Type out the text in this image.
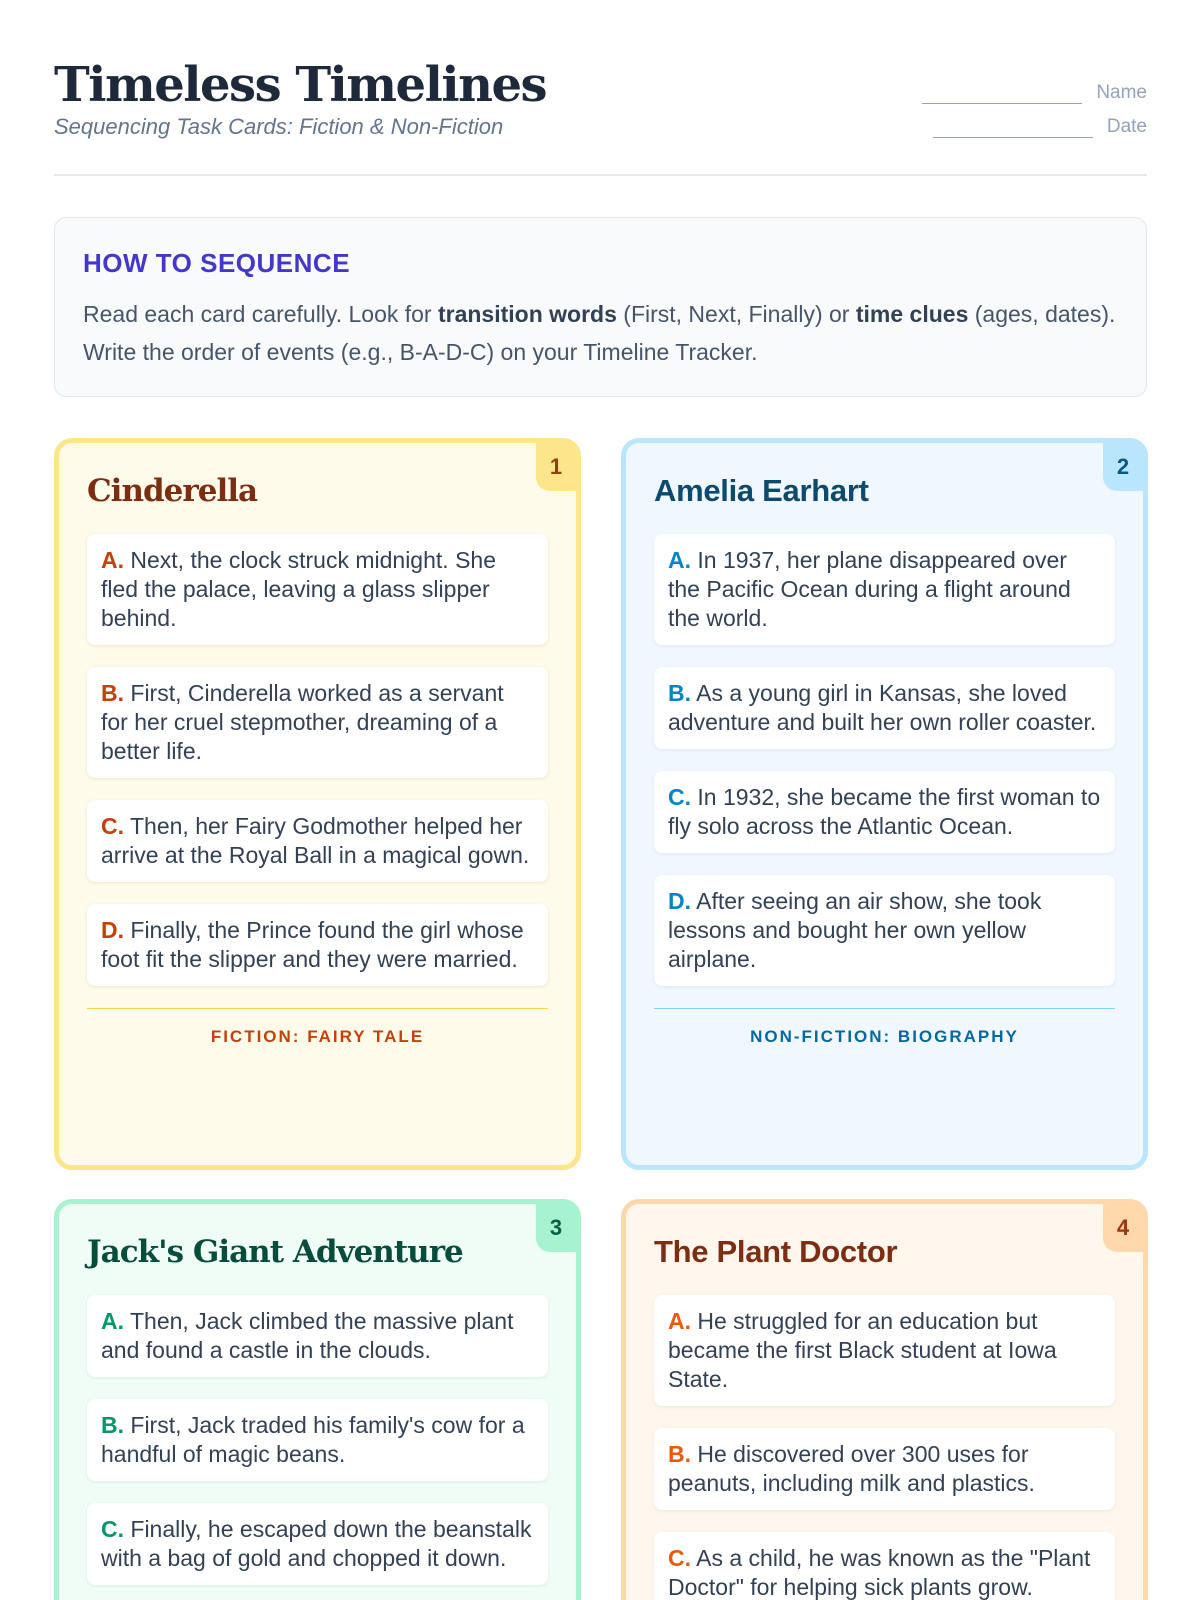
Timeless Timelines
Sequencing Task Cards: Fiction & Non-Fiction
Name
Date
HOW TO SEQUENCE
Read each card carefully. Look for transition words (First, Next, Finally) or time clues (ages, dates). Write the order of events (e.g., B-A-D-C) on your Timeline Tracker.
1
Cinderella
A. Next, the clock struck midnight. She fled the palace, leaving a glass slipper behind.
B. First, Cinderella worked as a servant for her cruel stepmother, dreaming of a better life.
C. Then, her Fairy Godmother helped her arrive at the Royal Ball in a magical gown.
D. Finally, the Prince found the girl whose foot fit the slipper and they were married.
FICTION: FAIRY TALE
2
Amelia Earhart
A. In 1937, her plane disappeared over the Pacific Ocean during a flight around the world.
B. As a young girl in Kansas, she loved adventure and built her own roller coaster.
C. In 1932, she became the first woman to fly solo across the Atlantic Ocean.
D. After seeing an air show, she took lessons and bought her own yellow airplane.
NON-FICTION: BIOGRAPHY
3
Jack's Giant Adventure
A. Then, Jack climbed the massive plant and found a castle in the clouds.
B. First, Jack traded his family's cow for a handful of magic beans.
C. Finally, he escaped down the beanstalk with a bag of gold and chopped it down.
4
The Plant Doctor
A. He struggled for an education but became the first Black student at Iowa State.
B. He discovered over 300 uses for peanuts, including milk and plastics.
C. As a child, he was known as the "Plant Doctor" for helping sick plants grow.
